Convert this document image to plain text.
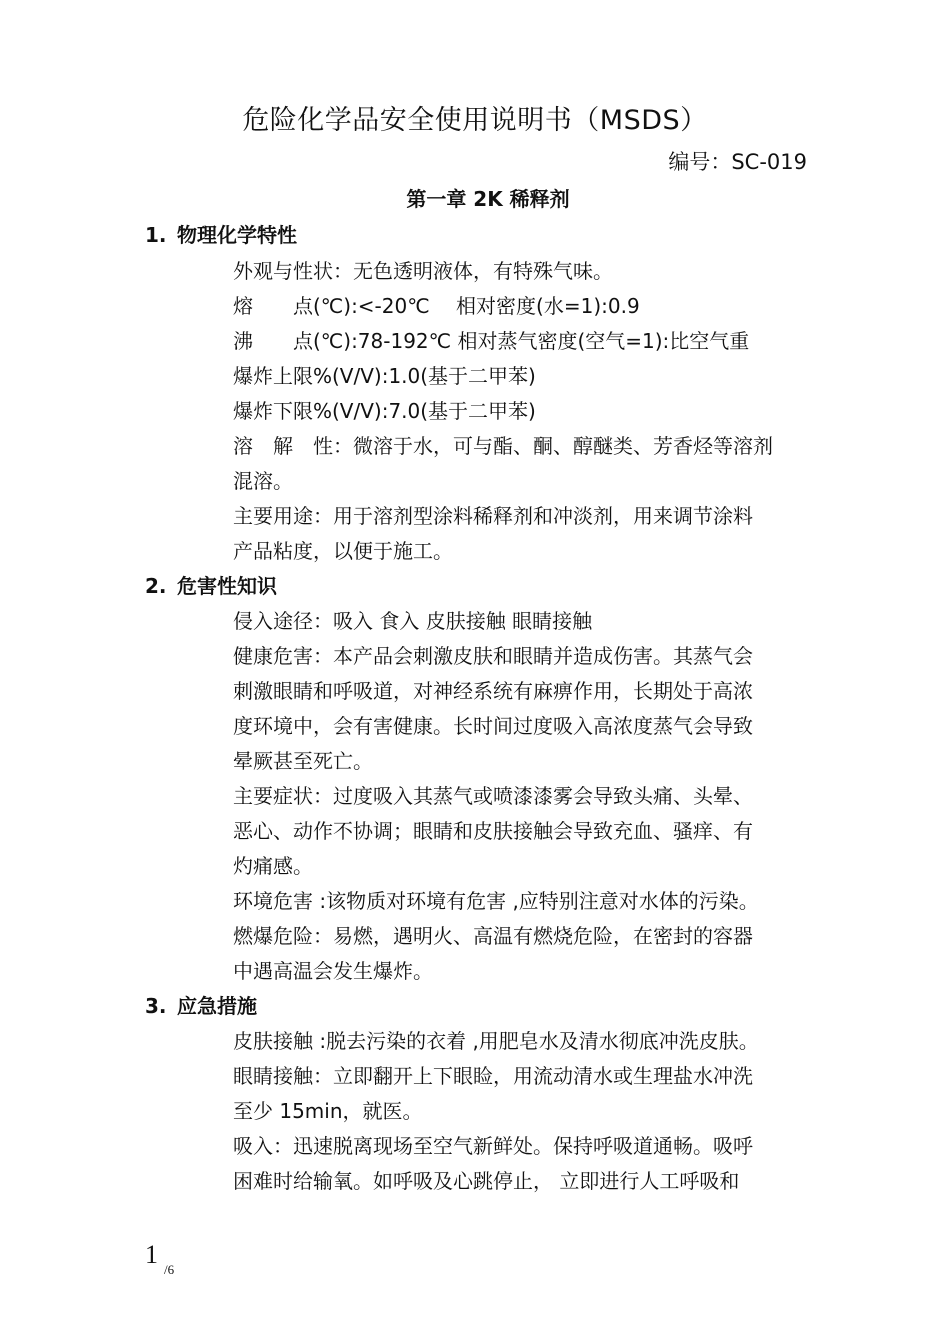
危险化学品安全使用说明书（MSDS）
编号：SC-019
第一章 2K 稀释剂
1. 物理化学特性
外观与性状：无色透明液体，有特殊气味。
熔　　点(℃):<-20℃　 相对密度(水=1):0.9
沸　　点(℃):78-192℃ 相对蒸气密度(空气=1):比空气重
爆炸上限%(V/V):1.0(基于二甲苯)
爆炸下限%(V/V):7.0(基于二甲苯)
溶　解　性：微溶于水，可与酯、酮、醇醚类、芳香烃等溶剂
混溶。
主要用途：用于溶剂型涂料稀释剂和冲淡剂，用来调节涂料
产品粘度，以便于施工。
2. 危害性知识
侵入途径：吸入 食入 皮肤接触 眼睛接触
健康危害：本产品会刺激皮肤和眼睛并造成伤害。其蒸气会
刺激眼睛和呼吸道，对神经系统有麻痹作用，长期处于高浓
度环境中，会有害健康。长时间过度吸入高浓度蒸气会导致
晕厥甚至死亡。
主要症状：过度吸入其蒸气或喷漆漆雾会导致头痛、头晕、
恶心、动作不协调；眼睛和皮肤接触会导致充血、骚痒、有
灼痛感。
环境危害 :该物质对环境有危害 ,应特别注意对水体的污染。
燃爆危险：易燃，遇明火、高温有燃烧危险，在密封的容器
中遇高温会发生爆炸。
3. 应急措施
皮肤接触 :脱去污染的衣着 ,用肥皂水及清水彻底冲洗皮肤。
眼睛接触：立即翻开上下眼睑，用流动清水或生理盐水冲洗
至少 15min，就医。
吸入：迅速脱离现场至空气新鲜处。保持呼吸道通畅。吸呼
困难时给输氧。如呼吸及心跳停止， 立即进行人工呼吸和
1
/6
